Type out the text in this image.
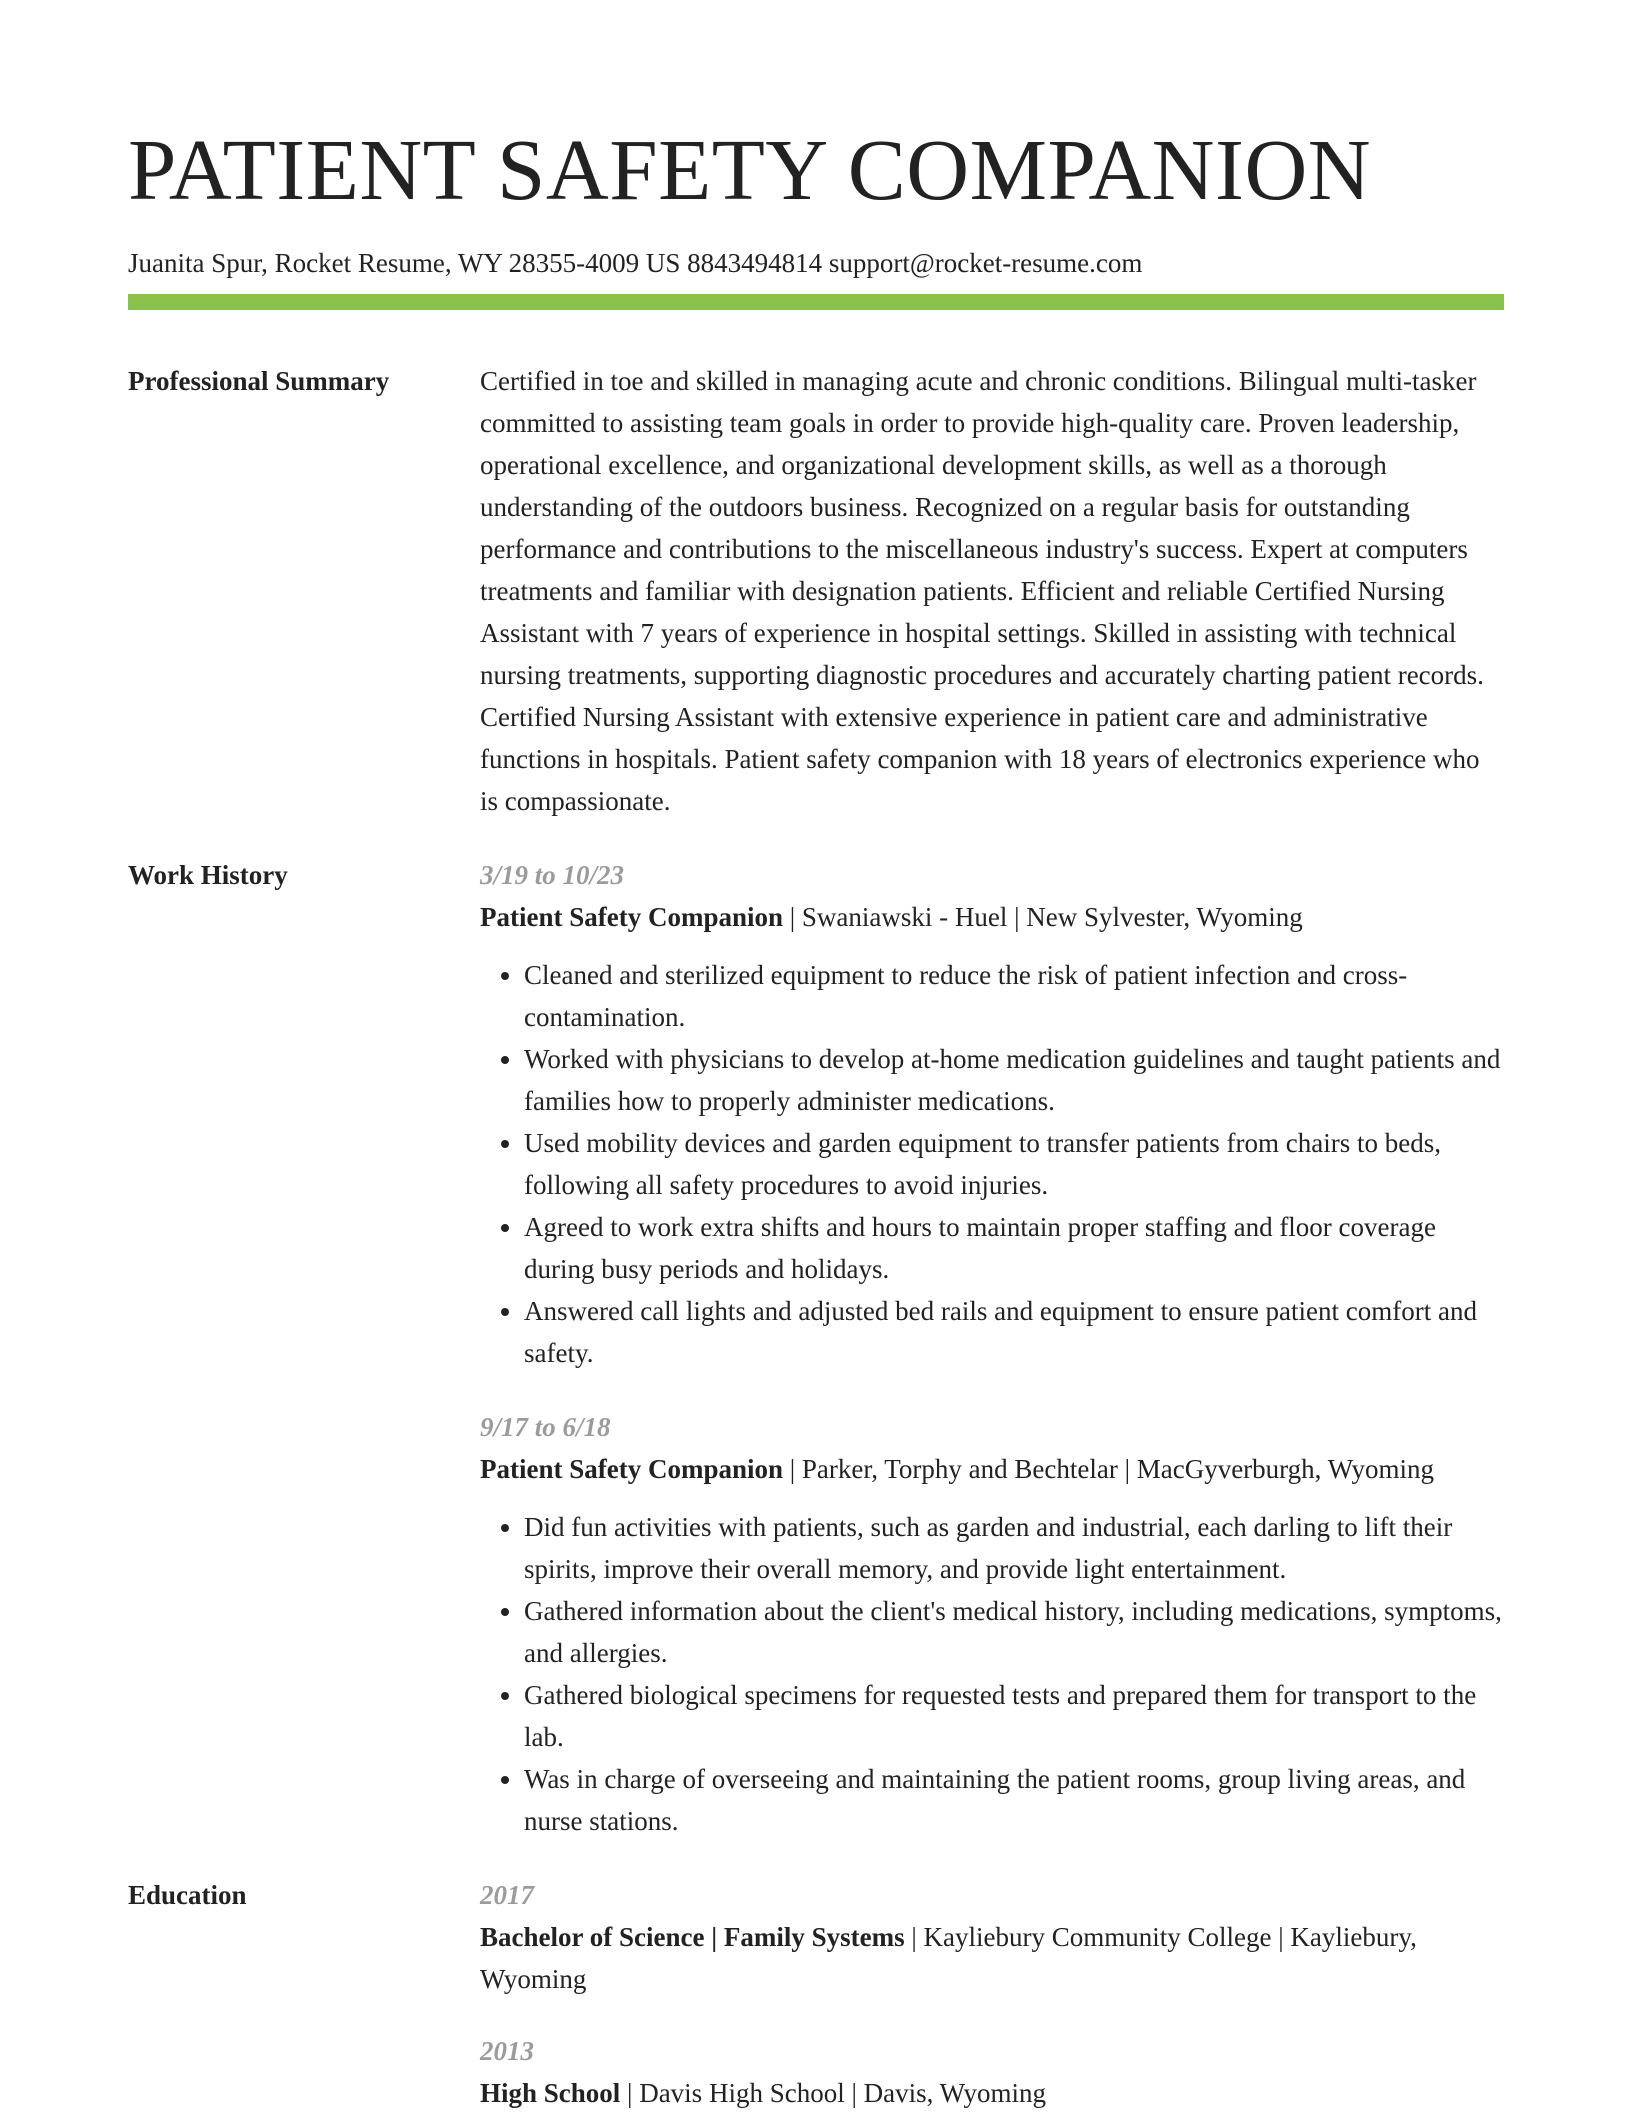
PATIENT SAFETY COMPANION
Juanita Spur, Rocket Resume, WY 28355-4009 US 8843494814 support@rocket-resume.com
Professional Summary	Certified in toe and skilled in managing acute and chronic conditions. Bilingual multi-tasker committed to assisting team goals in order to provide high-quality care. Proven leadership, operational excellence, and organizational development skills, as well as a thorough understanding of the outdoors business. Recognized on a regular basis for outstanding performance and contributions to the miscellaneous industry's success. Expert at computers treatments and familiar with designation patients. Efficient and reliable Certified Nursing Assistant with 7 years of experience in hospital settings. Skilled in assisting with technical nursing treatments, supporting diagnostic procedures and accurately charting patient records. Certified Nursing Assistant with extensive experience in patient care and administrative functions in hospitals. Patient safety companion with 18 years of electronics experience who is compassionate.

Work History	3/19 to 10/23

Patient Safety Companion | Swaniawski - Huel | New Sylvester, Wyoming

• Cleaned and sterilized equipment to reduce the risk of patient infection and cross-contamination.
• Worked with physicians to develop at-home medication guidelines and taught patients and families how to properly administer medications.
• Used mobility devices and garden equipment to transfer patients from chairs to beds, following all safety procedures to avoid injuries.
• Agreed to work extra shifts and hours to maintain proper staffing and floor coverage during busy periods and holidays.
• Answered call lights and adjusted bed rails and equipment to ensure patient comfort and safety.
9/17 to 6/18

Patient Safety Companion | Parker, Torphy and Bechtelar | MacGyverburgh, Wyoming

• Did fun activities with patients, such as garden and industrial, each darling to lift their spirits, improve their overall memory, and provide light entertainment.
• Gathered information about the client's medical history, including medications, symptoms, and allergies.
• Gathered biological specimens for requested tests and prepared them for transport to the lab.
• Was in charge of overseeing and maintaining the patient rooms, group living areas, and nurse stations.
Education	2017

Bachelor of Science | Family Systems | Kayliebury Community College | Kayliebury, Wyoming

2013

High School | Davis High School | Davis, Wyoming
